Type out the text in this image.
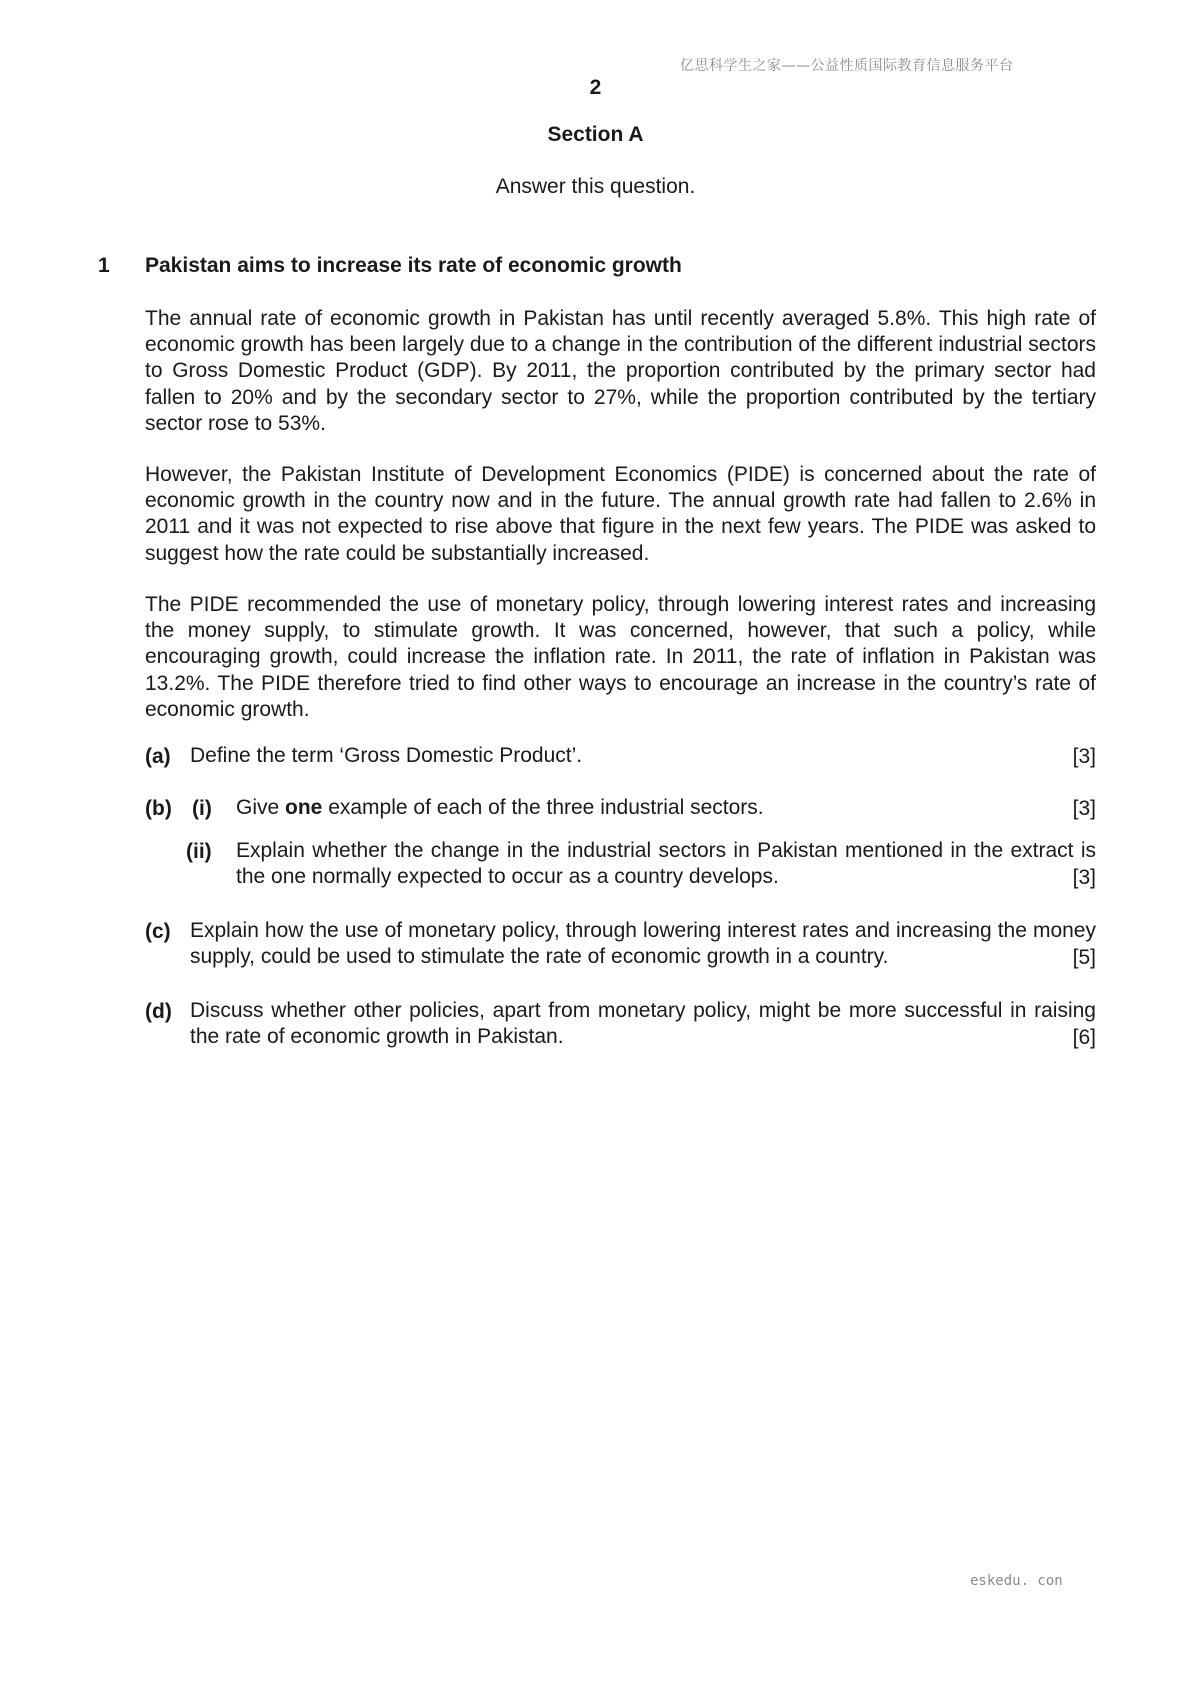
亿思科学生之家——公益性质国际教育信息服务平台
2
Section A
Answer this question.
1 Pakistan aims to increase its rate of economic growth
The annual rate of economic growth in Pakistan has until recently averaged 5.8%. This high rate of economic growth has been largely due to a change in the contribution of the different industrial sectors to Gross Domestic Product (GDP). By 2011, the proportion contributed by the primary sector had fallen to 20% and by the secondary sector to 27%, while the proportion contributed by the tertiary sector rose to 53%.
However, the Pakistan Institute of Development Economics (PIDE) is concerned about the rate of economic growth in the country now and in the future. The annual growth rate had fallen to 2.6% in 2011 and it was not expected to rise above that figure in the next few years. The PIDE was asked to suggest how the rate could be substantially increased.
The PIDE recommended the use of monetary policy, through lowering interest rates and increasing the money supply, to stimulate growth. It was concerned, however, that such a policy, while encouraging growth, could increase the inflation rate. In 2011, the rate of inflation in Pakistan was 13.2%. The PIDE therefore tried to find other ways to encourage an increase in the country’s rate of economic growth.
(a) Define the term ‘Gross Domestic Product’.	[3]
(b) (i) Give one example of each of the three industrial sectors.	[3]
(ii) Explain whether the change in the industrial sectors in Pakistan mentioned in the extract is the one normally expected to occur as a country develops.	[3]
(c) Explain how the use of monetary policy, through lowering interest rates and increasing the money supply, could be used to stimulate the rate of economic growth in a country.	[5]
(d) Discuss whether other policies, apart from monetary policy, might be more successful in raising the rate of economic growth in Pakistan.	[6]
eskedu. con
